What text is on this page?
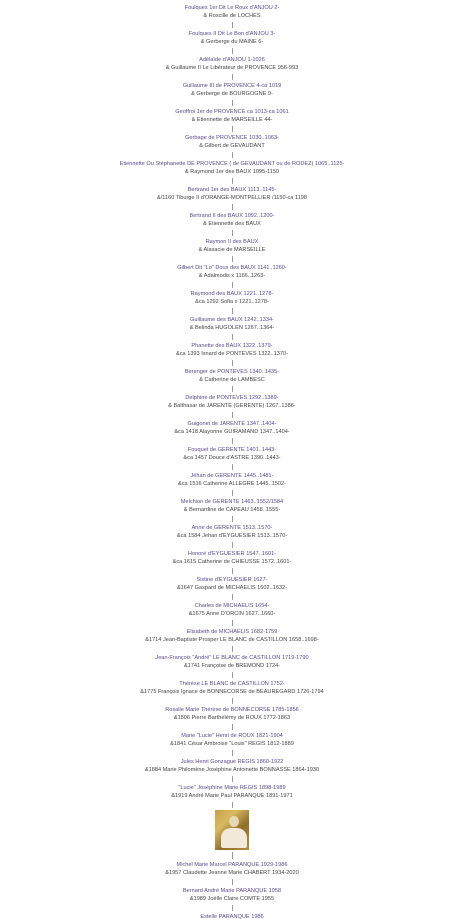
Foulques 1er Dit Le Roux d'ANJOU 2-
& Roscille de LOCHES
Foulques II Dit Le Bon d'ANJOU 3-
& Gerberge du MAINE 6-
Adélaïde d'ANJOU 1-1026
& Guillaume II Le Libérateur de PROVENCE 956-993
Guillaume III de PROVENCE 4-ca 1019
& Gerberge de BOURGOGNE 9-
Geoffroi 1er de PROVENCE ca 1013-ca 1061
& Etiennette de MARSEILLE 44-
Gerbage de PROVENCE 1030..1063-
& Gilbert de GEVAUDANT
Etiennette Ou Stéphanette DE PROVENCE ( de GEVAUDANT ou de RODEZ) 1065..1125-
& Raymond 1er des BAUX 1095-1150
Bertrand 1er des BAUX 1113..1145-
&/1160 Tiburge II d'ORANGE-MONTPELLIER /1150-ca 1198
Bertrand II des BAUX 1092..1200-
& Etiennette des BAUX
Raymon II des BAUX
& Alasacie de MARSEILLE
Gilbert Dit "Lo" Dous des BAUX 1141..1260-
& Adalmodis x 1166..1263-
Raymond des BAUX 1221..1278-
&ca 1292 Sofia x 1221..1278-
Guillaume des BAUX 1242..1334-
& Belinda HUGOLEN 1267..1364-
Phanette des BAUX 1322..1379-
&ca 1393 Isnard de PONTEVES 1322..1370-
Berenger de PONTEVES 1340..1435-
& Catherine de LAMBESC
Delphine de PONTEVES 1292..1389-
& Balthasar de JARENTE (GERENTE) 1267..1386-
Guigonet de JARENTE 1347..1404-
&ca 1418 Alayonne GUIRAMAND 1347..1404-
Fouquet de GERENTE 1401..1443-
&ca 1457 Douce d'ASTRE 1390..1443-
Jéhan de GERENTE 1445..1481-
&ca 1516 Catherine ALLEGRE 1445..1502-
Melchion de GERENTE 1463..1552/1584
& Bernardine de CAPEAU 1458..1555-
Anne de GERENTE 1513..1570-
&ca 1584 Jehan d'EYGUESIER 1513..1570-
Honoré d'EYGUESIER 1547..1601-
&ca 1615 Catherine de CHIEUSSE 1572..1601-
Sixtine d'EYGUESIER 1627-
&1647 Gaspard de MICHAELIS 1602..1632-
Charles de MICHAELIS 1654-
&1675 Anne D'ORCIN 1627..1660-
Elisabeth de MICHAELIS 1682-1759
&1714 Jean-Baptiste Prosper LE BLANC de CASTILLON 1658..1698-
Jean-François "André" LE BLANC de CASTILLON 1719-1790
&1741 Françoise de BREMOND 1724-
Thérèse LE BLANC de CASTILLON 1752-
&1775 François Ignace de BONNECORSE de BEAUREGARD 1726-1794
Rosalie Marie Thérèse de BONNECORSE 1785-1856
&1806 Pierre Barthélémy de ROUX 1772-1863
Marie "Lucie" Henri de ROUX 1821-1904
&1841 César Ambroise "Louis" REGIS 1812-1889
Jules Henri Gonzague REGIS 1860-1922
&1884 Marie Philomène Joséphine Antoinette BONNASSE 1864-1930
"Lucie" Joséphine Marie REGIS 1898-1989
&1919 André Marie Paul PARANQUE 1891-1971
Michel Marie Marcel PARANQUE 1929-1986
&1957 Claudette Jeanne Marie CHABERT 1934-2020
Bernard André Marie PARANQUE 1958
&1989 Joëlle Claire COMTE 1955
Estelle PARANQUE 1986
